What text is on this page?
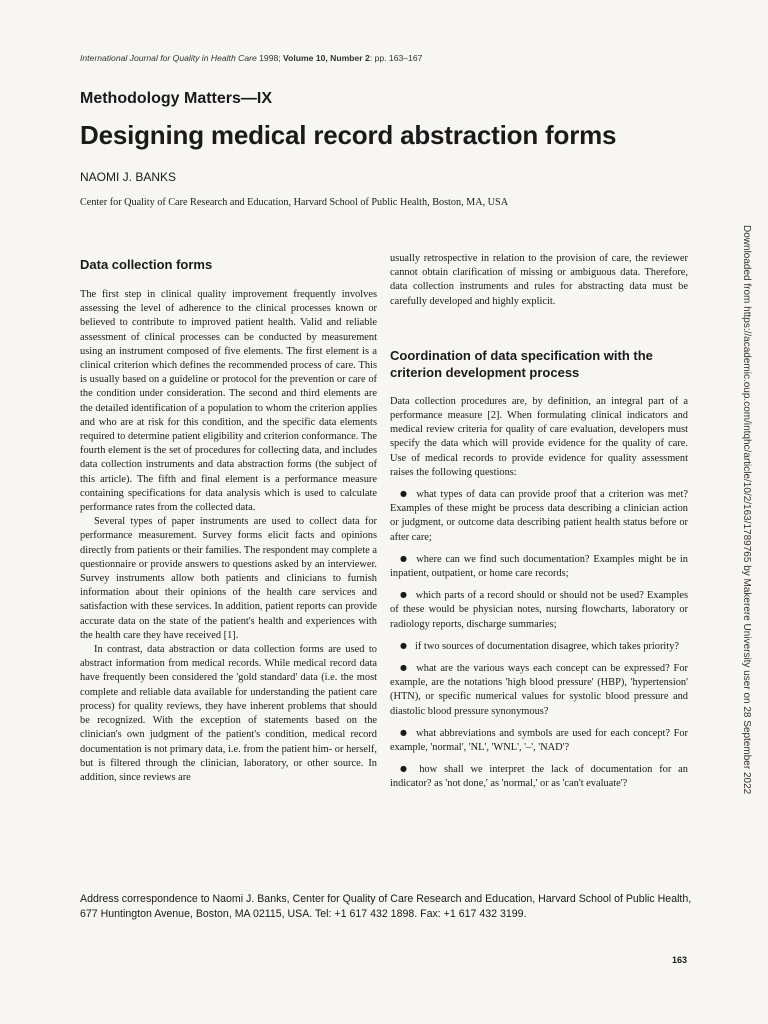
International Journal for Quality in Health Care 1998; Volume 10, Number 2: pp. 163–167
Methodology Matters—IX
Designing medical record abstraction forms
NAOMI J. BANKS
Center for Quality of Care Research and Education, Harvard School of Public Health, Boston, MA, USA
Data collection forms

The first step in clinical quality improvement frequently involves assessing the level of adherence to the clinical processes known or believed to contribute to improved patient health. Valid and reliable assessment of clinical processes can be conducted by measurement using an instrument composed of five elements. The first element is a clinical criterion which defines the recommended process of care. This is usually based on a guideline or protocol for the prevention or care of the condition under consideration. The second and third elements are the detailed identification of a population to whom the criterion applies and who are at risk for this condition, and the specific data elements required to determine patient eligibility and criterion conformance. The fourth element is the set of procedures for collecting data, and includes data collection instruments and data abstraction forms (the subject of this article). The fifth and final element is a performance measure containing specifications for data analysis which is used to calculate performance rates from the collected data.

Several types of paper instruments are used to collect data for performance measurement. Survey forms elicit facts and opinions directly from patients or their families. The respondent may complete a questionnaire or provide answers to questions asked by an interviewer. Survey instruments allow both patients and clinicians to furnish information about their opinions of the health care services and satisfaction with these services. In addition, patient reports can provide accurate data on the state of the patient's health and experiences with the health care they have received [1].

In contrast, data abstraction or data collection forms are used to abstract information from medical records. While medical record data have frequently been considered the 'gold standard' data (i.e. the most complete and reliable data available for understanding the patient care process) for quality reviews, they have inherent problems that should be recognized. With the exception of statements based on the clinician's own judgment of the patient's condition, medical record documentation is not primary data, i.e. from the patient him- or herself, but is filtered through the clinician, laboratory, or other source. In addition, since reviews are

usually retrospective in relation to the provision of care, the reviewer cannot obtain clarification of missing or ambiguous data. Therefore, data collection instruments and rules for abstracting data must be carefully developed and highly explicit.

Coordination of data specification with the criterion development process

Data collection procedures are, by definition, an integral part of a performance measure [2]. When formulating clinical indicators and medical review criteria for quality of care evaluation, developers must specify the data which will provide evidence for the quality of care. Use of medical records to provide evidence for quality assessment raises the following questions:

● what types of data can provide proof that a criterion was met? Examples of these might be process data describing a clinician action or judgment, or outcome data describing patient health status before or after care;
● where can we find such documentation? Examples might be in inpatient, outpatient, or home care records;
● which parts of a record should or should not be used? Examples of these would be physician notes, nursing flowcharts, laboratory or radiology reports, discharge summaries;
● if two sources of documentation disagree, which takes priority?
● what are the various ways each concept can be expressed? For example, are the notations 'high blood pressure' (HBP), 'hypertension' (HTN), or specific numerical values for systolic blood pressure and diastolic blood pressure synonymous?
● what abbreviations and symbols are used for each concept? For example, 'normal', 'NL', 'WNL', '–', 'NAD'?
● how shall we interpret the lack of documentation for an indicator? as 'not done,' as 'normal,' or as 'can't evaluate'?
Address correspondence to Naomi J. Banks, Center for Quality of Care Research and Education, Harvard School of Public Health, 677 Huntington Avenue, Boston, MA 02115, USA. Tel: +1 617 432 1898. Fax: +1 617 432 3199.
163
Downloaded from https://academic.oup.com/intqhc/article/10/2/163/1789765 by Makerere University user on 28 September 2022
